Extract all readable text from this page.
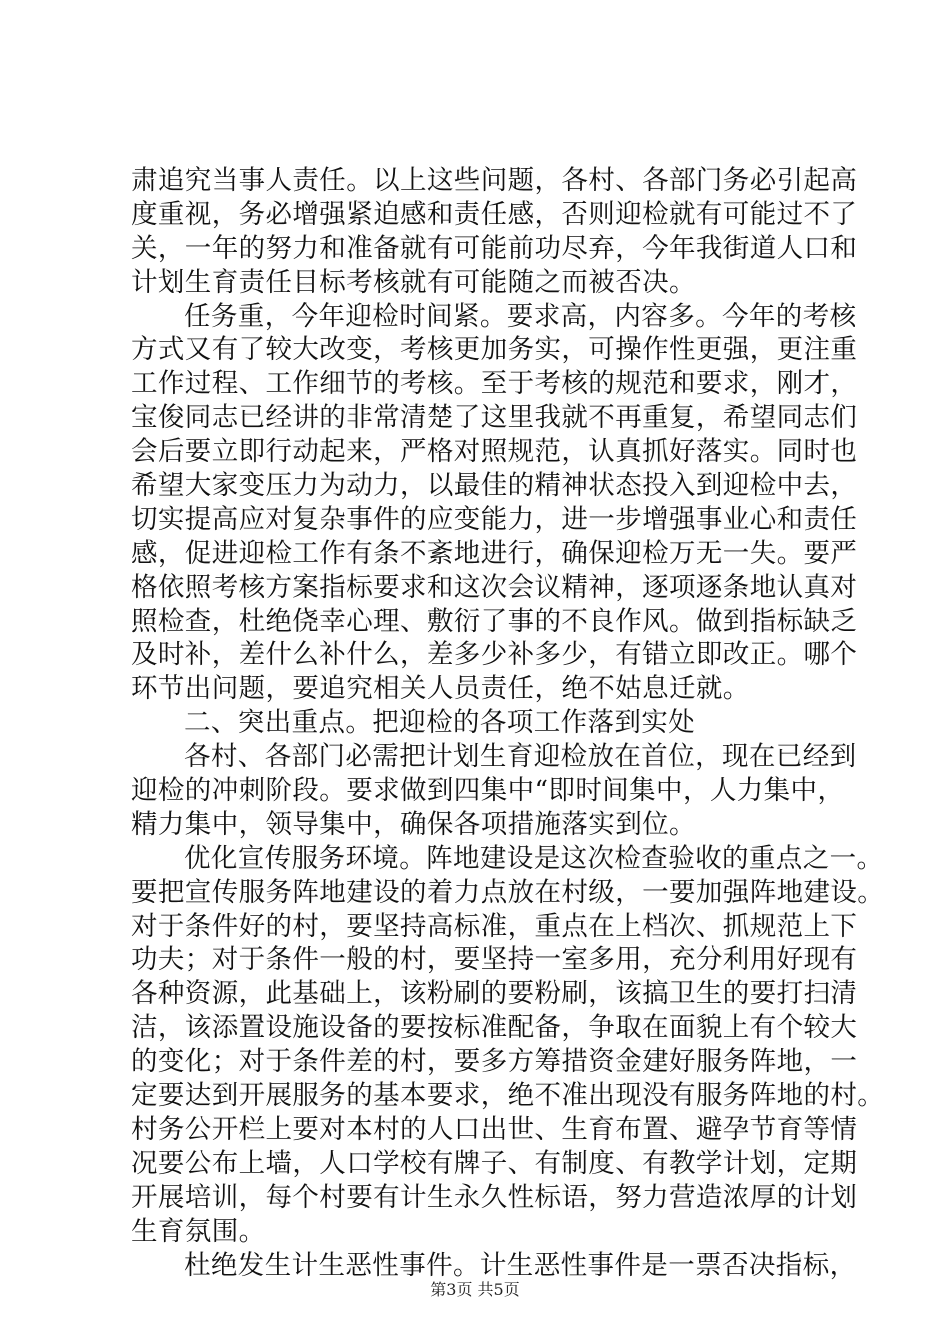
肃追究当事人责任。以上这些问题，各村、各部门务必引起高
度重视，务必增强紧迫感和责任感，否则迎检就有可能过不了
关，一年的努力和准备就有可能前功尽弃，今年我街道人口和
计划生育责任目标考核就有可能随之而被否决。
任务重，今年迎检时间紧。要求高，内容多。今年的考核
方式又有了较大改变，考核更加务实，可操作性更强，更注重
工作过程、工作细节的考核。至于考核的规范和要求，刚才，
宝俊同志已经讲的非常清楚了这里我就不再重复，希望同志们
会后要立即行动起来，严格对照规范，认真抓好落实。同时也
希望大家变压力为动力，以最佳的精神状态投入到迎检中去，
切实提高应对复杂事件的应变能力，进一步增强事业心和责任
感，促进迎检工作有条不紊地进行，确保迎检万无一失。要严
格依照考核方案指标要求和这次会议精神，逐项逐条地认真对
照检查，杜绝侥幸心理、敷衍了事的不良作风。做到指标缺乏
及时补，差什么补什么，差多少补多少，有错立即改正。哪个
环节出问题，要追究相关人员责任，绝不姑息迁就。
二、突出重点。把迎检的各项工作落到实处
各村、各部门必需把计划生育迎检放在首位，现在已经到
迎检的冲刺阶段。要求做到四集中“即时间集中，人力集中，
精力集中，领导集中，确保各项措施落实到位。
优化宣传服务环境。阵地建设是这次检查验收的重点之一。
要把宣传服务阵地建设的着力点放在村级，一要加强阵地建设。
对于条件好的村，要坚持高标准，重点在上档次、抓规范上下
功夫；对于条件一般的村，要坚持一室多用，充分利用好现有
各种资源，此基础上，该粉刷的要粉刷，该搞卫生的要打扫清
洁，该添置设施设备的要按标准配备，争取在面貌上有个较大
的变化；对于条件差的村，要多方筹措资金建好服务阵地，一
定要达到开展服务的基本要求，绝不准出现没有服务阵地的村。
村务公开栏上要对本村的人口出世、生育布置、避孕节育等情
况要公布上墙，人口学校有牌子、有制度、有教学计划，定期
开展培训，每个村要有计生永久性标语，努力营造浓厚的计划
生育氛围。
杜绝发生计生恶性事件。计生恶性事件是一票否决指标，
第3页 共5页
